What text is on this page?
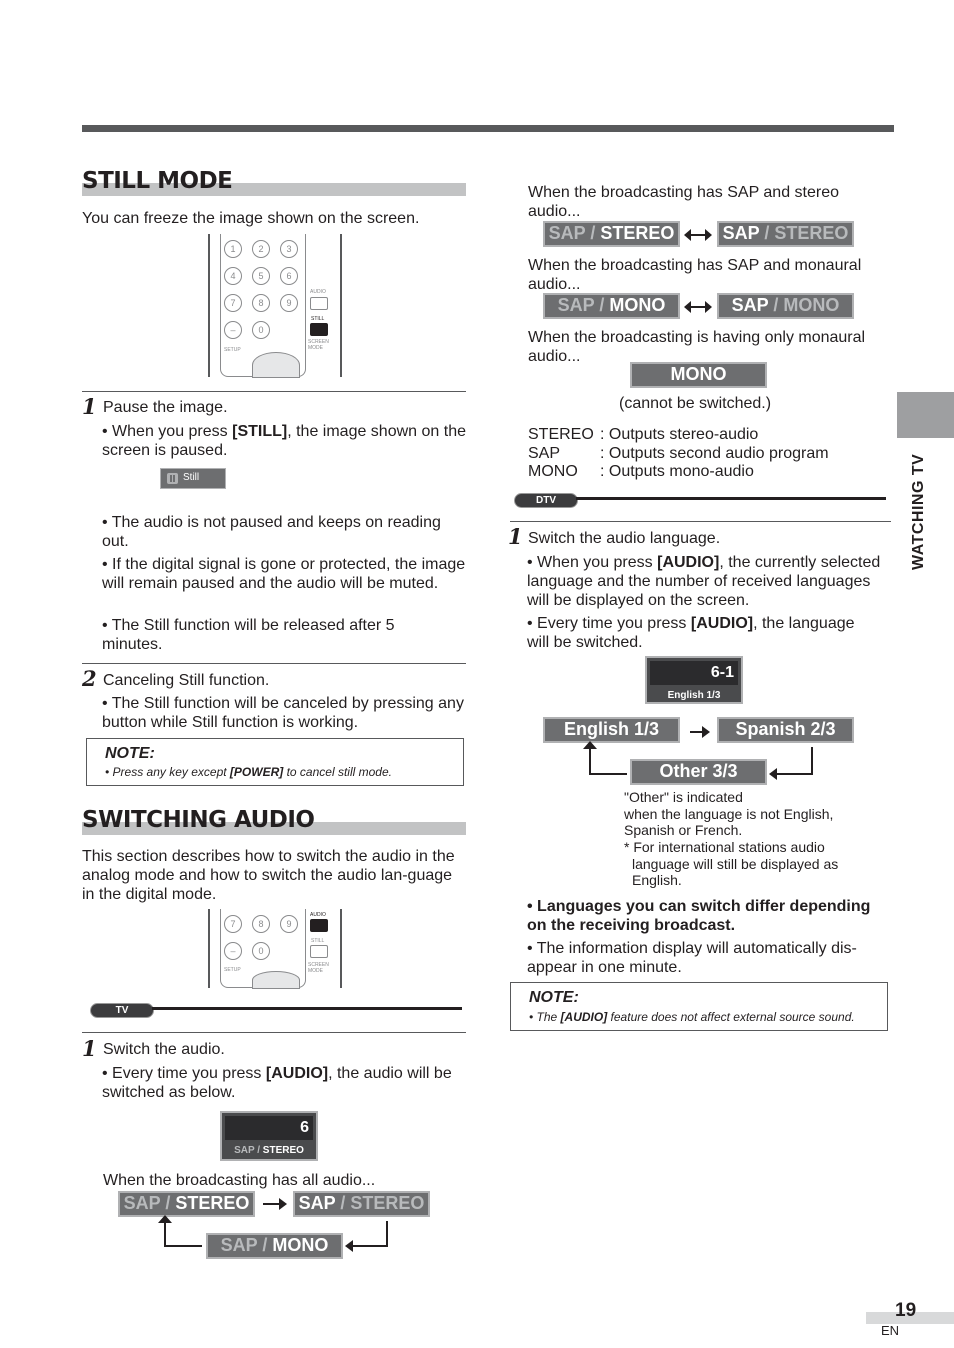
WATCHING TV
STILL MODE
You can freeze the image shown on the screen.
1	2	3
4	5	6
7	8	9
–	0
AUDIO
STILL
SETUP
SCREEN MODE
1 Pause the image.
• When you press [STILL], the image shown on the screen is paused.
Still
• The audio is not paused and keeps on reading out.
• If the digital signal is gone or protected, the image will remain paused and the audio will be muted.
• The Still function will be released after 5 minutes.
2 Canceling Still function.
• The Still function will be canceled by pressing any button while Still function is working.
NOTE:
• Press any key except [POWER] to cancel still mode.
SWITCHING AUDIO
This section describes how to switch the audio in the analog mode and how to switch the audio lan-guage in the digital mode.
7	8	9
–	0
AUDIO
STILL
SETUP
SCREEN MODE
TV
1 Switch the audio.
• Every time you press [AUDIO], the audio will be switched as below.
6
SAP / STEREO
When the broadcasting has all audio...
SAP / STEREO	SAP / STEREO
SAP / MONO
When the broadcasting has SAP and stereo audio...
SAP / STEREO	SAP / STEREO
When the broadcasting has SAP and monaural audio...
SAP / MONO	SAP / MONO
When the broadcasting is having only monaural audio...
MONO
(cannot be switched.)
STEREO : Outputs stereo-audio
SAP : Outputs second audio program
MONO : Outputs mono-audio
DTV
1 Switch the audio language.
• When you press [AUDIO], the currently selected language and the number of received languages will be displayed on the screen.
• Every time you press [AUDIO], the language will be switched.
6-1
English 1/3
English 1/3	Spanish 2/3
Other 3/3
"Other" is indicated
when the language is not English,
Spanish or French.
* For international stations audio
language will still be displayed as
English.
• Languages you can switch differ depending on the receiving broadcast.
• The information display will automatically dis-appear in one minute.
NOTE:
• The [AUDIO] feature does not affect external source sound.
19
EN
